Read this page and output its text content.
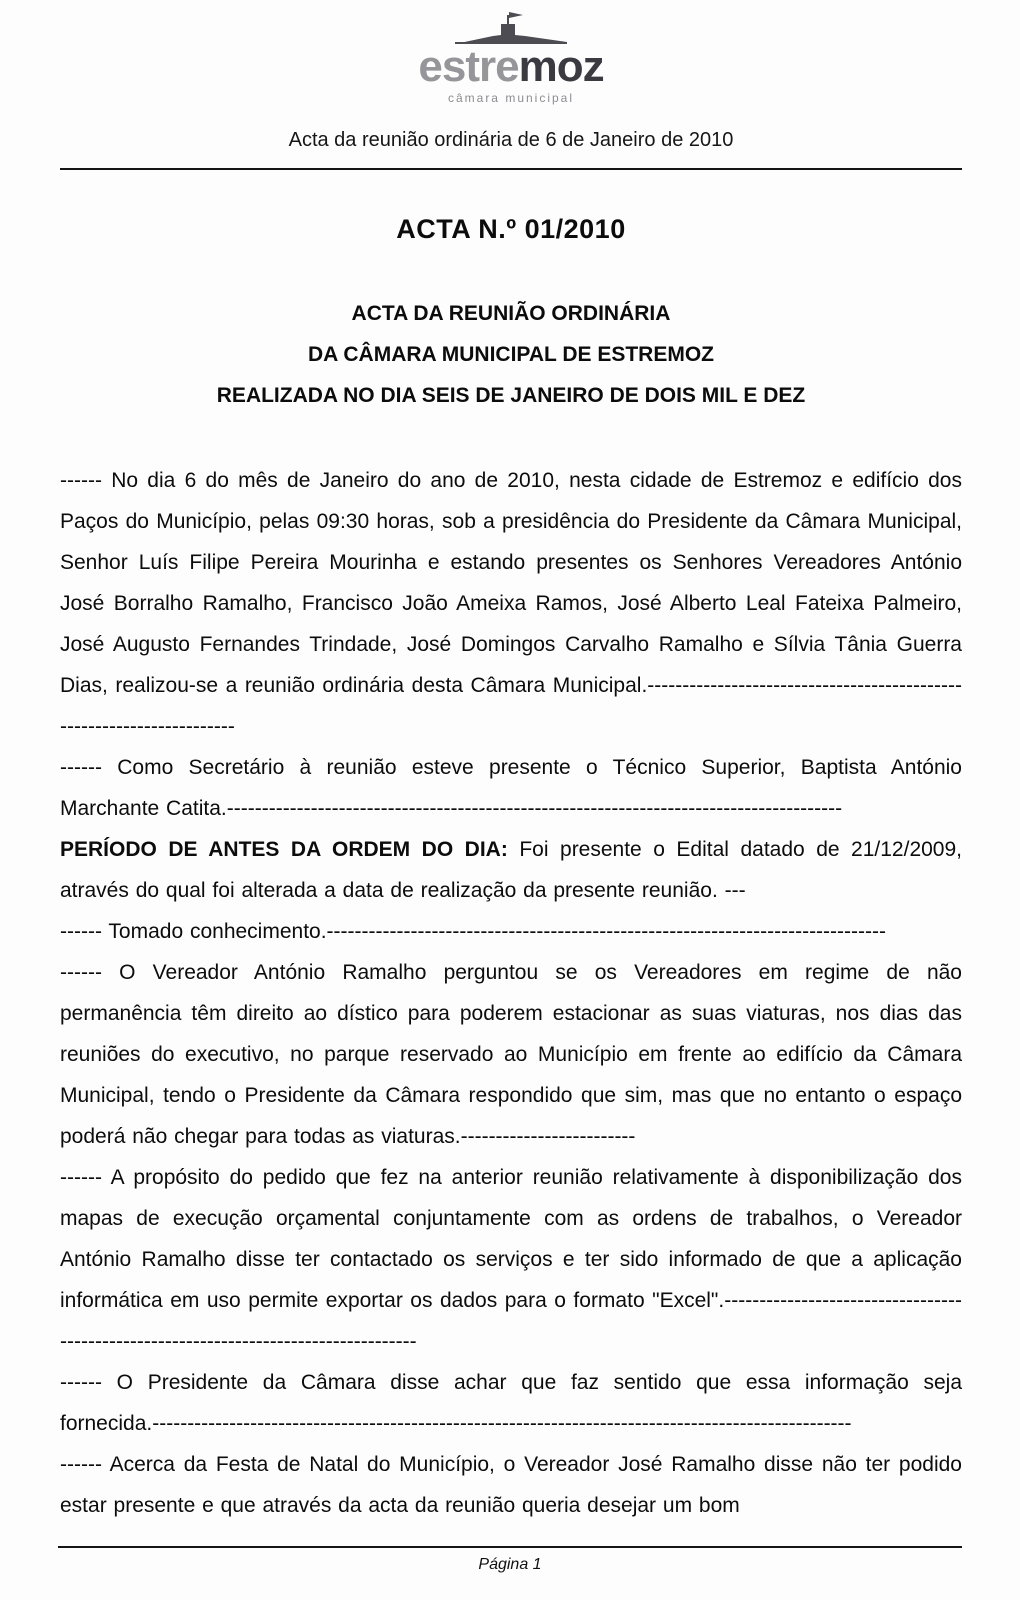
estremoz
câmara municipal
Acta da reunião ordinária de 6 de Janeiro de 2010
ACTA N.º 01/2010
ACTA DA REUNIÃO ORDINÁRIA
DA CÂMARA MUNICIPAL DE ESTREMOZ
REALIZADA NO DIA SEIS DE JANEIRO DE DOIS MIL E DEZ

------ No dia 6 do mês de Janeiro do ano de 2010, nesta cidade de Estremoz e edifício dos Paços do Município, pelas 09:30 horas, sob a presidência do Presidente da Câmara Municipal, Senhor Luís Filipe Pereira Mourinha e estando presentes os Senhores Vereadores António José Borralho Ramalho, Francisco João Ameixa Ramos, José Alberto Leal Fateixa Palmeiro, José Augusto Fernandes Trindade, José Domingos Carvalho Ramalho e Sílvia Tânia Guerra Dias, realizou-se a reunião ordinária desta Câmara Municipal.----------------------------------------------------------------------

------ Como Secretário à reunião esteve presente o Técnico Superior, Baptista António Marchante Catita.----------------------------------------------------------------------------------------

PERÍODO DE ANTES DA ORDEM DO DIA: Foi presente o Edital datado de 21/12/2009, através do qual foi alterada a data de realização da presente reunião. ---

------ Tomado conhecimento.--------------------------------------------------------------------------------

------ O Vereador António Ramalho perguntou se os Vereadores em regime de não permanência têm direito ao dístico para poderem estacionar as suas viaturas, nos dias das reuniões do executivo, no parque reservado ao Município em frente ao edifício da Câmara Municipal, tendo o Presidente da Câmara respondido que sim, mas que no entanto o espaço poderá não chegar para todas as viaturas.-------------------------

------ A propósito do pedido que fez na anterior reunião relativamente à disponibilização dos mapas de execução orçamental conjuntamente com as ordens de trabalhos, o Vereador António Ramalho disse ter contactado os serviços e ter sido informado de que a aplicação informática em uso permite exportar os dados para o formato "Excel".-------------------------------------------------------------------------------------

------ O Presidente da Câmara disse achar que faz sentido que essa informação seja fornecida.----------------------------------------------------------------------------------------------------

------ Acerca da Festa de Natal do Município, o Vereador José Ramalho disse não ter podido estar presente e que através da acta da reunião queria desejar um bom

Página 1
